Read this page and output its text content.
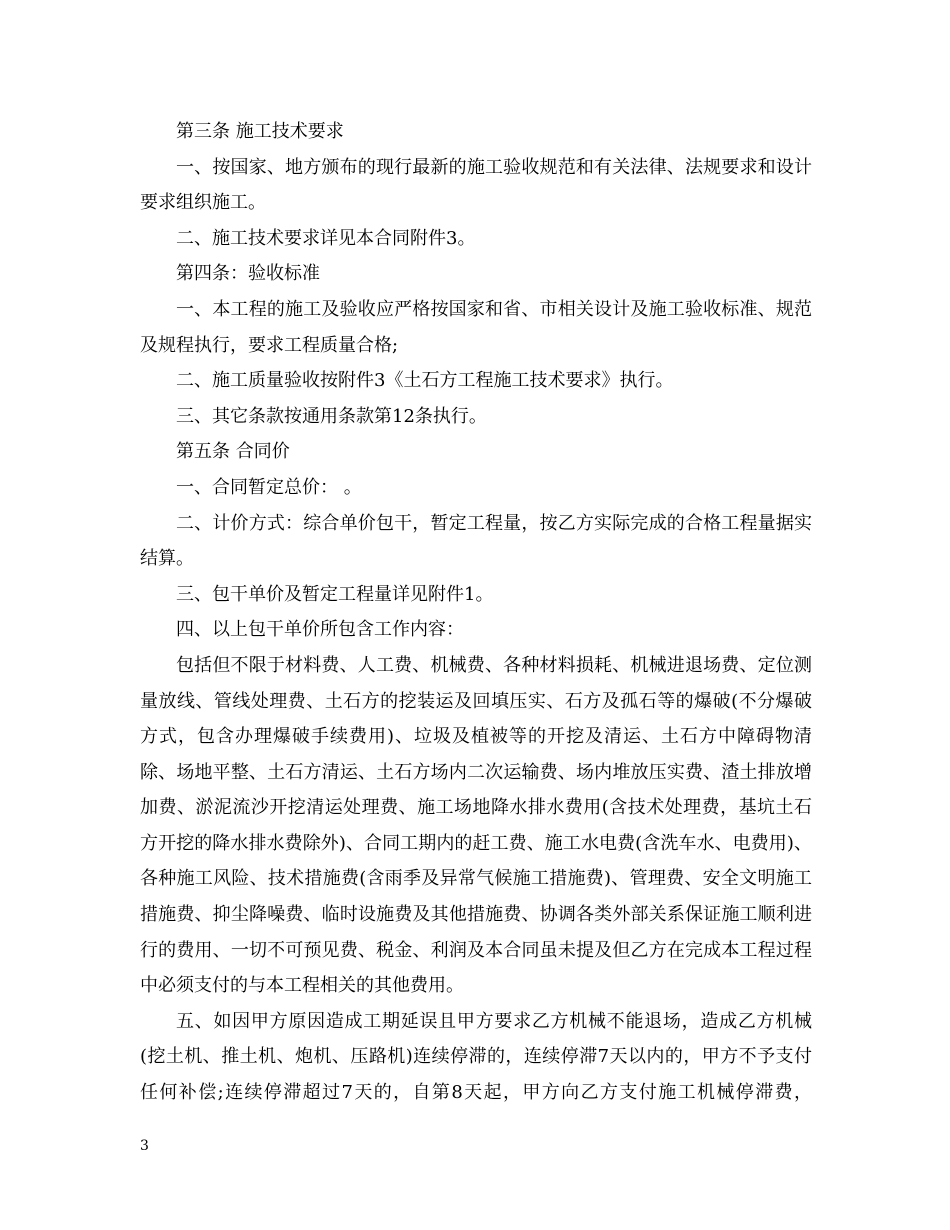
第三条 施工技术要求

一、按国家、地方颁布的现行最新的施工验收规范和有关法律、法规要求和设计要求组织施工。

二、施工技术要求详见本合同附件3。

第四条：验收标准

一、本工程的施工及验收应严格按国家和省、市相关设计及施工验收标准、规范及规程执行，要求工程质量合格;

二、施工质量验收按附件3《土石方工程施工技术要求》执行。

三、其它条款按通用条款第12条执行。

第五条 合同价

一、合同暂定总价： 。

二、计价方式：综合单价包干，暂定工程量，按乙方实际完成的合格工程量据实结算。

三、包干单价及暂定工程量详见附件1。

四、以上包干单价所包含工作内容：

包括但不限于材料费、人工费、机械费、各种材料损耗、机械进退场费、定位测量放线、管线处理费、土石方的挖装运及回填压实、石方及孤石等的爆破(不分爆破方式，包含办理爆破手续费用)、垃圾及植被等的开挖及清运、土石方中障碍物清除、场地平整、土石方清运、土石方场内二次运输费、场内堆放压实费、渣土排放增加费、淤泥流沙开挖清运处理费、施工场地降水排水费用(含技术处理费，基坑土石方开挖的降水排水费除外)、合同工期内的赶工费、施工水电费(含洗车水、电费用)、各种施工风险、技术措施费(含雨季及异常气候施工措施费)、管理费、安全文明施工措施费、抑尘降噪费、临时设施费及其他措施费、协调各类外部关系保证施工顺利进行的费用、一切不可预见费、税金、利润及本合同虽未提及但乙方在完成本工程过程中必须支付的与本工程相关的其他费用。

五、如因甲方原因造成工期延误且甲方要求乙方机械不能退场，造成乙方机械(挖土机、推土机、炮机、压路机)连续停滞的，连续停滞7天以内的，甲方不予支付任何补偿;连续停滞超过7天的，自第8天起，甲方向乙方支付施工机械停滞费，

3
